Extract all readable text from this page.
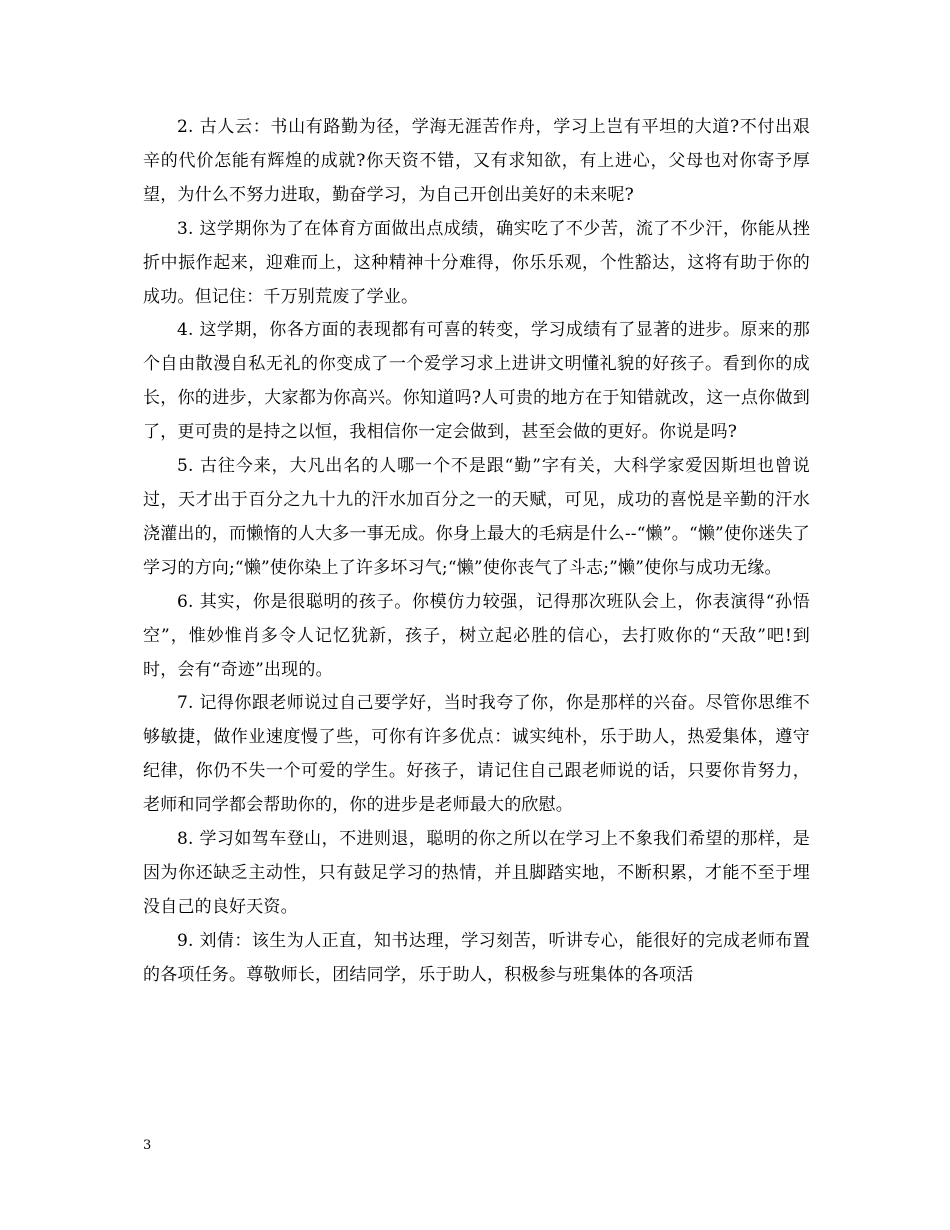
2. 古人云：书山有路勤为径，学海无涯苦作舟，学习上岂有平坦的大道?不付出艰辛的代价怎能有辉煌的成就?你天资不错，又有求知欲，有上进心，父母也对你寄予厚望，为什么不努力进取，勤奋学习，为自己开创出美好的未来呢?

3. 这学期你为了在体育方面做出点成绩，确实吃了不少苦，流了不少汗，你能从挫折中振作起来，迎难而上，这种精神十分难得，你乐乐观，个性豁达，这将有助于你的成功。但记住：千万别荒废了学业。

4. 这学期，你各方面的表现都有可喜的转变，学习成绩有了显著的进步。原来的那个自由散漫自私无礼的你变成了一个爱学习求上进讲文明懂礼貌的好孩子。看到你的成长，你的进步，大家都为你高兴。你知道吗?人可贵的地方在于知错就改，这一点你做到了，更可贵的是持之以恒，我相信你一定会做到，甚至会做的更好。你说是吗?

5. 古往今来，大凡出名的人哪一个不是跟“勤”字有关，大科学家爱因斯坦也曾说过，天才出于百分之九十九的汗水加百分之一的天赋，可见，成功的喜悦是辛勤的汗水浇灌出的，而懒惰的人大多一事无成。你身上最大的毛病是什么--“懒”。“懒”使你迷失了学习的方向;“懒”使你染上了许多坏习气;“懒”使你丧气了斗志;”懒”使你与成功无缘。

6. 其实，你是很聪明的孩子。你模仿力较强，记得那次班队会上，你表演得“孙悟空”，惟妙惟肖多令人记忆犹新，孩子，树立起必胜的信心，去打败你的“天敌”吧!到时，会有“奇迹”出现的。

7. 记得你跟老师说过自己要学好，当时我夸了你，你是那样的兴奋。尽管你思维不够敏捷，做作业速度慢了些，可你有许多优点：诚实纯朴，乐于助人，热爱集体，遵守纪律，你仍不失一个可爱的学生。好孩子，请记住自己跟老师说的话，只要你肯努力，老师和同学都会帮助你的，你的进步是老师最大的欣慰。

8. 学习如驾车登山，不进则退，聪明的你之所以在学习上不象我们希望的那样，是因为你还缺乏主动性，只有鼓足学习的热情，并且脚踏实地，不断积累，才能不至于埋没自己的良好天资。

9. 刘倩：该生为人正直，知书达理，学习刻苦，听讲专心，能很好的完成老师布置的各项任务。尊敬师长，团结同学，乐于助人，积极参与班集体的各项活

3
